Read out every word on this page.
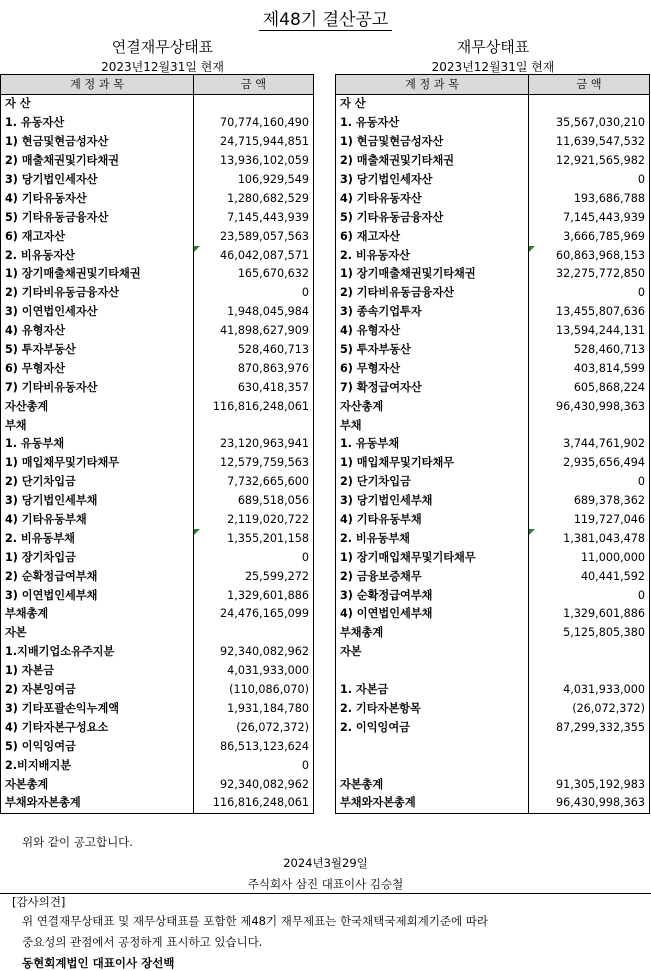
제48기 결산공고
연결재무상태표	재무상태표
2023년12월31일 현재	2023년12월31일 현재
계 정 과 목	금 액
자 산	
1. 유동자산	70,774,160,490
1) 현금및현금성자산	24,715,944,851
2) 매출채권및기타채권	13,936,102,059
3) 당기법인세자산	106,929,549
4) 기타유동자산	1,280,682,529
5) 기타유동금융자산	7,145,443,939
6) 재고자산	23,589,057,563
2. 비유동자산	46,042,087,571
1) 장기매출채권및기타채권	165,670,632
2) 기타비유동금융자산	0
3) 이연법인세자산	1,948,045,984
4) 유형자산	41,898,627,909
5) 투자부동산	528,460,713
6) 무형자산	870,863,976
7) 기타비유동자산	630,418,357
자산총계	116,816,248,061
부채	
1. 유동부채	23,120,963,941
1) 매입채무및기타채무	12,579,759,563
2) 단기차입금	7,732,665,600
3) 당기법인세부채	689,518,056
4) 기타유동부채	2,119,020,722
2. 비유동부채	1,355,201,158
1) 장기차입금	0
2) 순확정급여부채	25,599,272
3) 이연법인세부채	1,329,601,886
부채총계	24,476,165,099
자본	
1.지배기업소유주지분	92,340,082,962
1) 자본금	4,031,933,000
2) 자본잉여금	(110,086,070)
3) 기타포괄손익누계액	1,931,184,780
4) 기타자본구성요소	(26,072,372)
5) 이익잉여금	86,513,123,624
2.비지배지분	0
자본총계	92,340,082,962
부채와자본총계	116,816,248,061
계 정 과 목	금 액
자 산	
1. 유동자산	35,567,030,210
1) 현금및현금성자산	11,639,547,532
2) 매출채권및기타채권	12,921,565,982
3) 당기법인세자산	0
4) 기타유동자산	193,686,788
5) 기타유동금융자산	7,145,443,939
6) 재고자산	3,666,785,969
2. 비유동자산	60,863,968,153
1) 장기매출채권및기타채권	32,275,772,850
2) 기타비유동금융자산	0
3) 종속기업투자	13,455,807,636
4) 유형자산	13,594,244,131
5) 투자부동산	528,460,713
6) 무형자산	403,814,599
7) 확정급여자산	605,868,224
자산총계	96,430,998,363
부채	
1. 유동부채	3,744,761,902
1) 매입채무및기타채무	2,935,656,494
2) 단기차입금	0
3) 당기법인세부채	689,378,362
4) 기타유동부채	119,727,046
2. 비유동부채	1,381,043,478
1) 장기매입채무및기타채무	11,000,000
2) 금융보증채무	40,441,592
3) 순확정급여부채	0
4) 이연법인세부채	1,329,601,886
부채총계	5,125,805,380
자본	

1. 자본금	4,031,933,000
2. 기타자본항목	(26,072,372)
2. 이익잉여금	87,299,332,355

자본총계	91,305,192,983
부채와자본총계	96,430,998,363
위와 같이 공고합니다.
2024년3월29일
주식회사 삼진 대표이사 김승철
[감사의견]
위 연결재무상태표 및 재무상태표를 포함한 제48기 재무제표는 한국채택국제회계기준에 따라
중요성의 관점에서 공정하게 표시하고 있습니다.
동현회계법인 대표이사 장선백
